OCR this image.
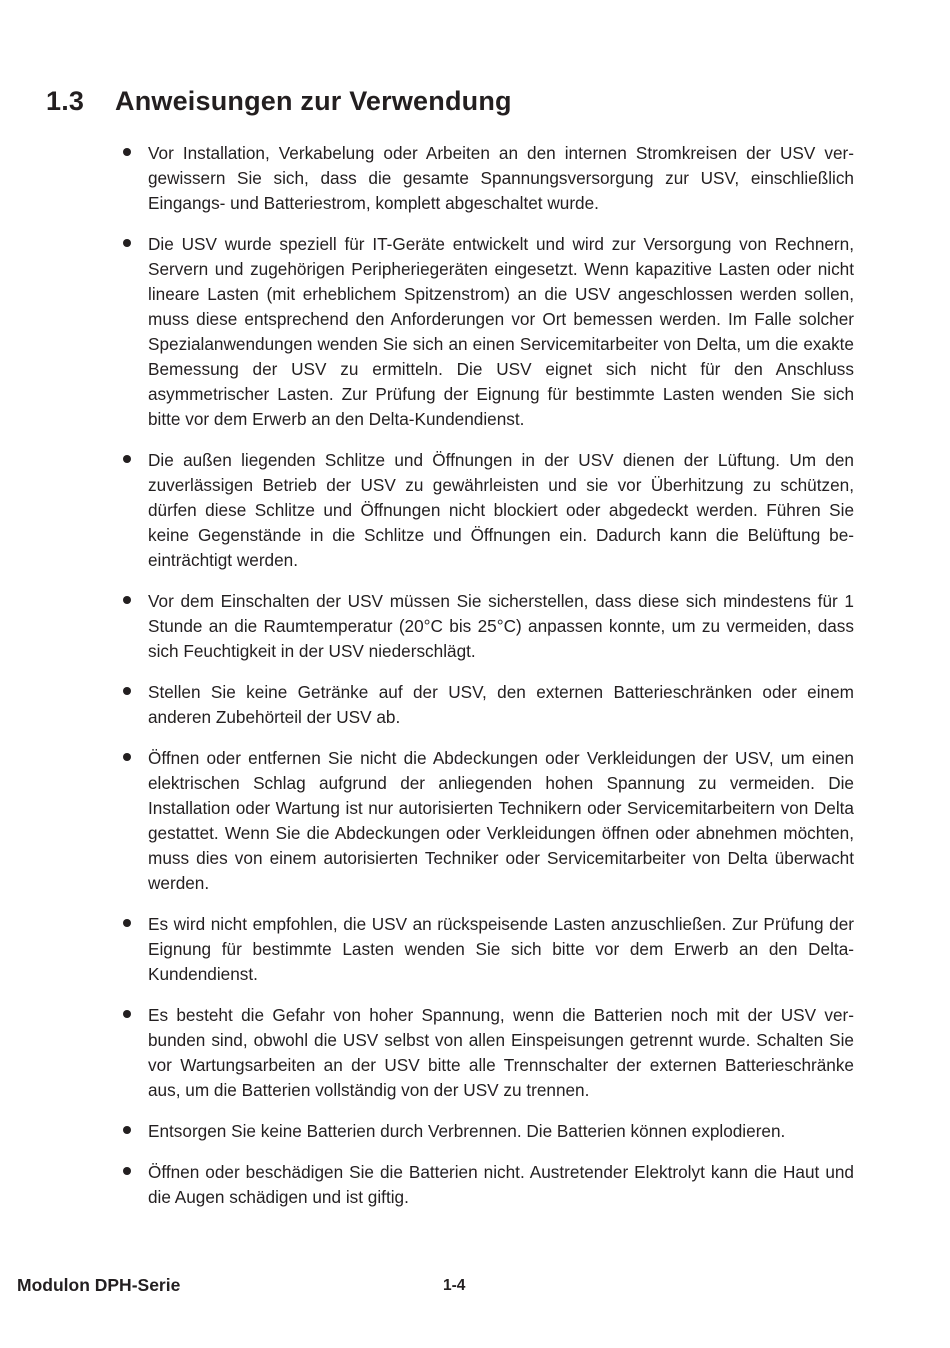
1.3 Anweisungen zur Verwendung
Vor Installation, Verkabelung oder Arbeiten an den internen Stromkreisen der USV vergewissern Sie sich, dass die gesamte Spannungsversorgung zur USV, einschließlich Eingangs- und Batteriestrom, komplett abgeschaltet wurde.
Die USV wurde speziell für IT-Geräte entwickelt und wird zur Versorgung von Rechnern, Servern und zugehörigen Peripheriegeräten eingesetzt. Wenn kapazitive Lasten oder nicht lineare Lasten (mit erheblichem Spitzenstrom) an die USV angeschlossen werden sollen, muss diese entsprechend den Anforderungen vor Ort bemessen werden. Im Falle solcher Spezialanwendungen wenden Sie sich an einen Servicemitarbeiter von Delta, um die exakte Bemessung der USV zu ermitteln. Die USV eignet sich nicht für den Anschluss asymmetrischer Lasten. Zur Prüfung der Eignung für bestimmte Lasten wenden Sie sich bitte vor dem Erwerb an den Delta-Kundendienst.
Die außen liegenden Schlitze und Öffnungen in der USV dienen der Lüftung. Um den zuverlässigen Betrieb der USV zu gewährleisten und sie vor Überhitzung zu schützen, dürfen diese Schlitze und Öffnungen nicht blockiert oder abgedeckt werden. Führen Sie keine Gegenstände in die Schlitze und Öffnungen ein. Dadurch kann die Belüftung beeinträchtigt werden.
Vor dem Einschalten der USV müssen Sie sicherstellen, dass diese sich mindestens für 1 Stunde an die Raumtemperatur (20°C bis 25°C) anpassen konnte, um zu vermeiden, dass sich Feuchtigkeit in der USV niederschlägt.
Stellen Sie keine Getränke auf der USV, den externen Batterieschränken oder einem anderen Zubehörteil der USV ab.
Öffnen oder entfernen Sie nicht die Abdeckungen oder Verkleidungen der USV, um einen elektrischen Schlag aufgrund der anliegenden hohen Spannung zu vermeiden. Die Installation oder Wartung ist nur autorisierten Technikern oder Servicemitarbeitern von Delta gestattet. Wenn Sie die Abdeckungen oder Verkleidungen öffnen oder abnehmen möchten, muss dies von einem autorisierten Techniker oder Servicemitarbeiter von Delta überwacht werden.
Es wird nicht empfohlen, die USV an rückspeisende Lasten anzuschließen. Zur Prüfung der Eignung für bestimmte Lasten wenden Sie sich bitte vor dem Erwerb an den Delta-Kundendienst.
Es besteht die Gefahr von hoher Spannung, wenn die Batterien noch mit der USV verbunden sind, obwohl die USV selbst von allen Einspeisungen getrennt wurde. Schalten Sie vor Wartungsarbeiten an der USV bitte alle Trennschalter der externen Batterieschränke aus, um die Batterien vollständig von der USV zu trennen.
Entsorgen Sie keine Batterien durch Verbrennen. Die Batterien können explodieren.
Öffnen oder beschädigen Sie die Batterien nicht. Austretender Elektrolyt kann die Haut und die Augen schädigen und ist giftig.
Modulon DPH-Serie	1-4
